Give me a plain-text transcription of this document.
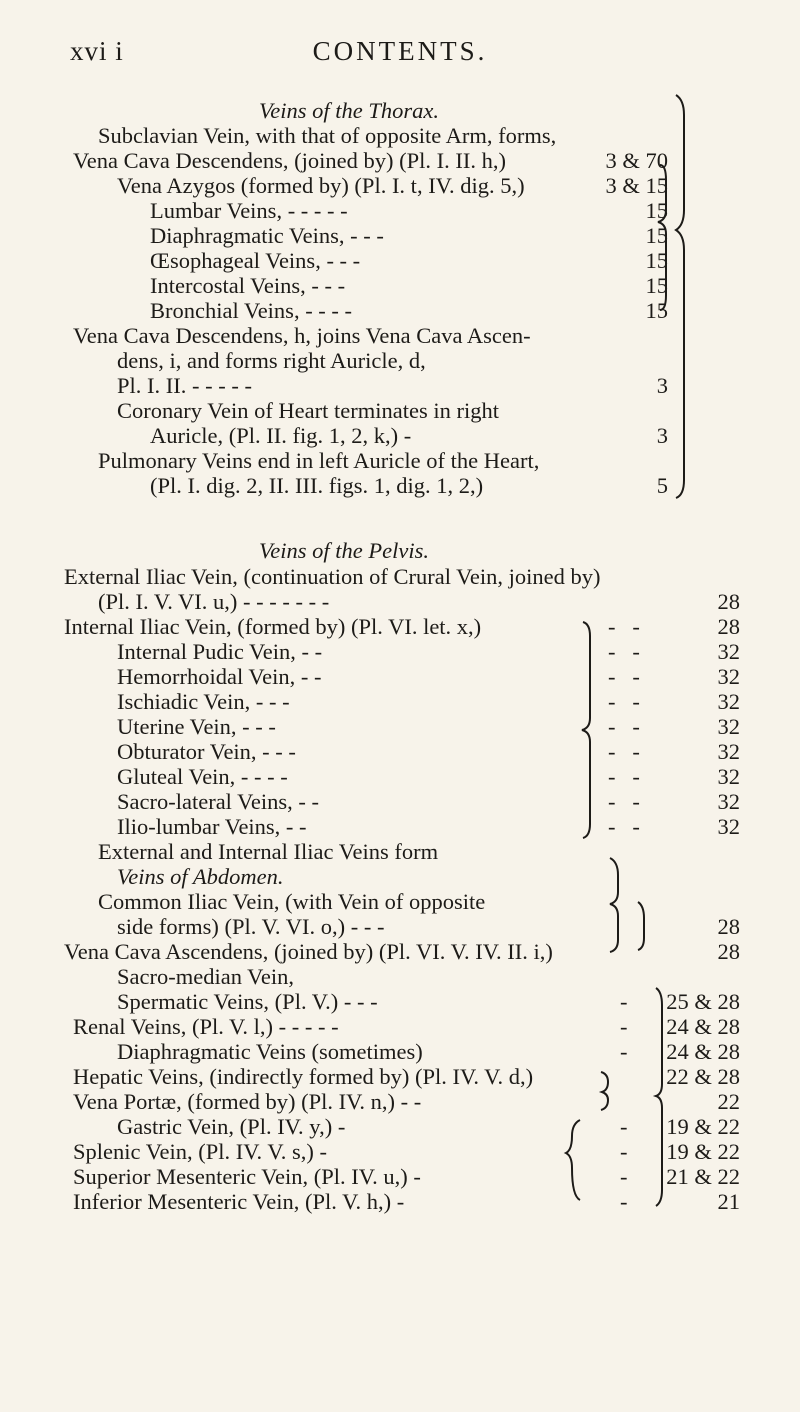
xvi i	CONTENTS.
Veins of the Thorax.
Subclavian Vein, with that of opposite Arm, forms,
Vena Cava Descendens, (joined by) (Pl. I. II. h,)
Vena Azygos (formed by) (Pl. I. t, IV. dig. 5,)
Lumbar Veins, - - - - -
Diaphragmatic Veins, - - -
Œsophageal Veins, - - -
Intercostal Veins, - - -
Bronchial Veins, - - - -
Vena Cava Descendens, h, joins Vena Cava Ascen-
dens, i, and forms right Auricle, d,
Pl. I. II. - - - - -
Coronary Vein of Heart terminates in right
Auricle, (Pl. II. fig. 1, 2, k,) -
Pulmonary Veins end in left Auricle of the Heart,
(Pl. I. dig. 2, II. III. figs. 1, dig. 1, 2,)
3 & 70
3 & 15
15
15
15
15
15
3
3
5
Veins of the Pelvis.
External Iliac Vein, (continuation of Crural Vein, joined by)
(Pl. I. V. VI. u,) - - - - - - -
Internal Iliac Vein, (formed by) (Pl. VI. let. x,)
Internal Pudic Vein, - -
Hemorrhoidal Vein, - -
Ischiadic Vein, - - -
Uterine Vein, - - -
Obturator Vein, - - -
Gluteal Vein, - - - -
Sacro-lateral Veins, - -
Ilio-lumbar Veins, - -
External and Internal Iliac Veins form
-   -
-   -
-   -
-   -
-   -
-   -
-   -
-   -
-   -
28
28
32
32
32
32
32
32
32
32
Veins of Abdomen.
Common Iliac Vein, (with Vein of opposite
side forms) (Pl. V. VI. o,) - - -
Vena Cava Ascendens, (joined by) (Pl. VI. V. IV. II. i,)
Sacro-median Vein,
Spermatic Veins, (Pl. V.) - - -
Renal Veins, (Pl. V. l,) - - - - -
Diaphragmatic Veins (sometimes)
Hepatic Veins, (indirectly formed by) (Pl. IV. V. d,)
Vena Portæ, (formed by) (Pl. IV. n,) - -
Gastric Vein, (Pl. IV. y,) -
Splenic Vein, (Pl. IV. V. s,) -
Superior Mesenteric Vein, (Pl. IV. u,) -
Inferior Mesenteric Vein, (Pl. V. h,) -
-
-
-
-
-
-
-
28
28
25 & 28
24 & 28
24 & 28
22 & 28
22
19 & 22
19 & 22
21 & 22
21
